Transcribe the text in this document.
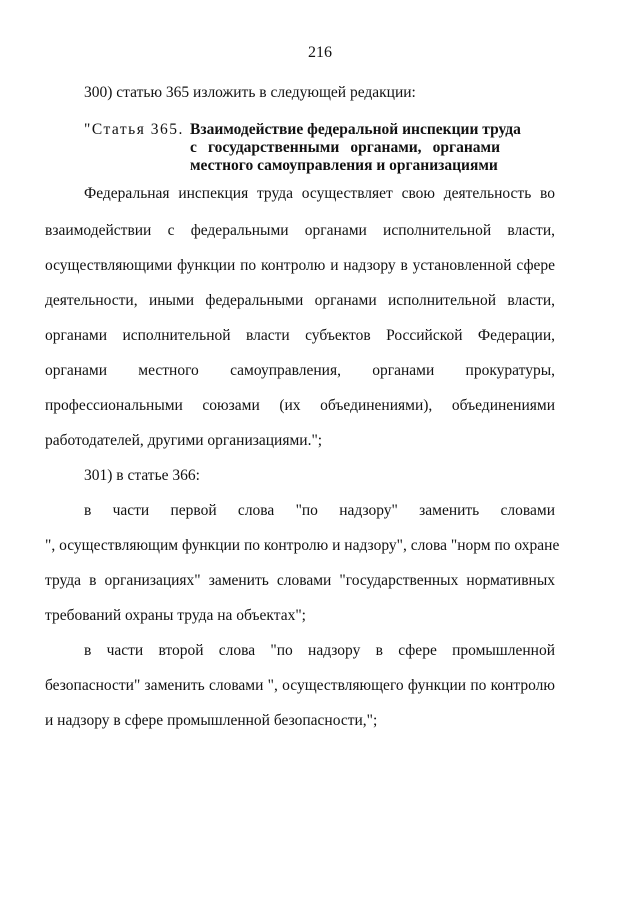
216
300) статью 365 изложить в следующей редакции:
"Статья 365. Взаимодействие федеральной инспекции труда
с государственными органами, органами
местного самоуправления и организациями
Федеральная инспекция труда осуществляет свою деятельность во
взаимодействии с федеральными органами исполнительной власти,
осуществляющими функции по контролю и надзору в установленной сфере
деятельности, иными федеральными органами исполнительной власти,
органами исполнительной власти субъектов Российской Федерации,
органами местного самоуправления, органами прокуратуры,
профессиональными союзами (их объединениями), объединениями
работодателей, другими организациями.";
301) в статье 366:
в части первой слова "по надзору" заменить словами
", осуществляющим функции по контролю и надзору", слова "норм по охране
труда в организациях" заменить словами "государственных нормативных
требований охраны труда на объектах";
в части второй слова "по надзору в сфере промышленной
безопасности" заменить словами ", осуществляющего функции по контролю
и надзору в сфере промышленной безопасности,";
